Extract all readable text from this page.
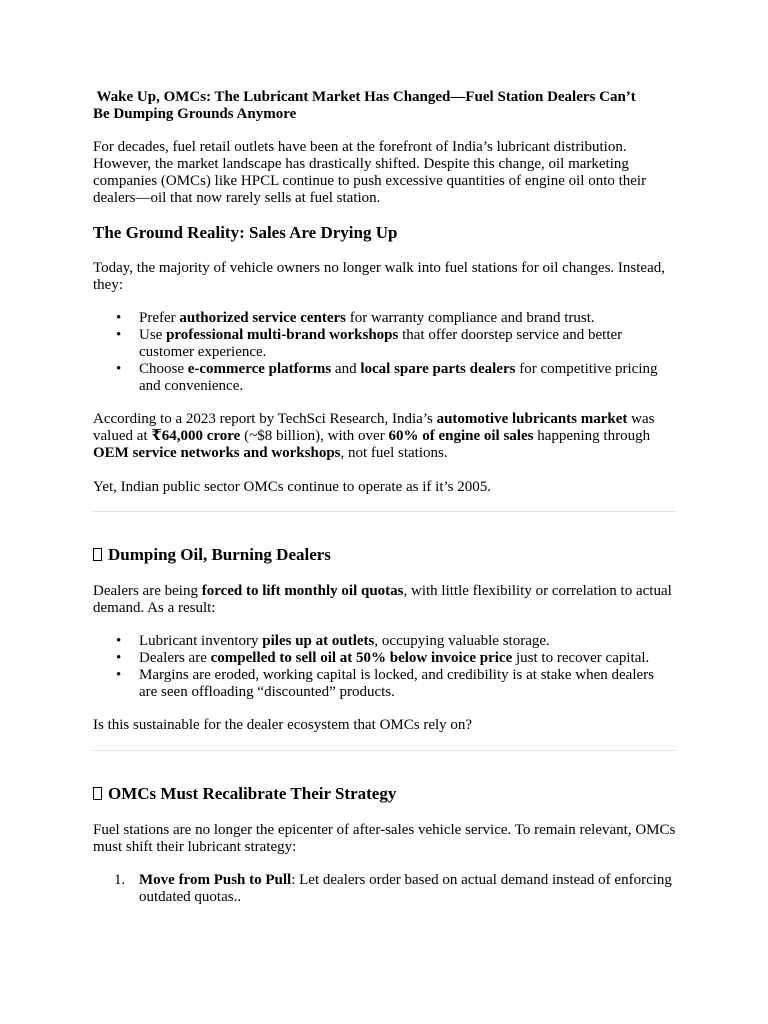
Wake Up, OMCs: The Lubricant Market Has Changed—Fuel Station Dealers Can’t
Be Dumping Grounds Anymore

For decades, fuel retail outlets have been at the forefront of India’s lubricant distribution. However, the market landscape has drastically shifted. Despite this change, oil marketing companies (OMCs) like HPCL continue to push excessive quantities of engine oil onto their dealers—oil that now rarely sells at fuel station.

The Ground Reality: Sales Are Drying Up

Today, the majority of vehicle owners no longer walk into fuel stations for oil changes. Instead, they:

• Prefer authorized service centers for warranty compliance and brand trust.
• Use professional multi-brand workshops that offer doorstep service and better customer experience.
• Choose e-commerce platforms and local spare parts dealers for competitive pricing and convenience.

According to a 2023 report by TechSci Research, India’s automotive lubricants market was valued at ₹64,000 crore (~$8 billion), with over 60% of engine oil sales happening through OEM service networks and workshops, not fuel stations.

Yet, Indian public sector OMCs continue to operate as if it’s 2005.

Dumping Oil, Burning Dealers

Dealers are being forced to lift monthly oil quotas, with little flexibility or correlation to actual demand. As a result:

• Lubricant inventory piles up at outlets, occupying valuable storage.
• Dealers are compelled to sell oil at 50% below invoice price just to recover capital.
• Margins are eroded, working capital is locked, and credibility is at stake when dealers are seen offloading “discounted” products.

Is this sustainable for the dealer ecosystem that OMCs rely on?

OMCs Must Recalibrate Their Strategy

Fuel stations are no longer the epicenter of after-sales vehicle service. To remain relevant, OMCs must shift their lubricant strategy:

1. Move from Push to Pull: Let dealers order based on actual demand instead of enforcing outdated quotas..
